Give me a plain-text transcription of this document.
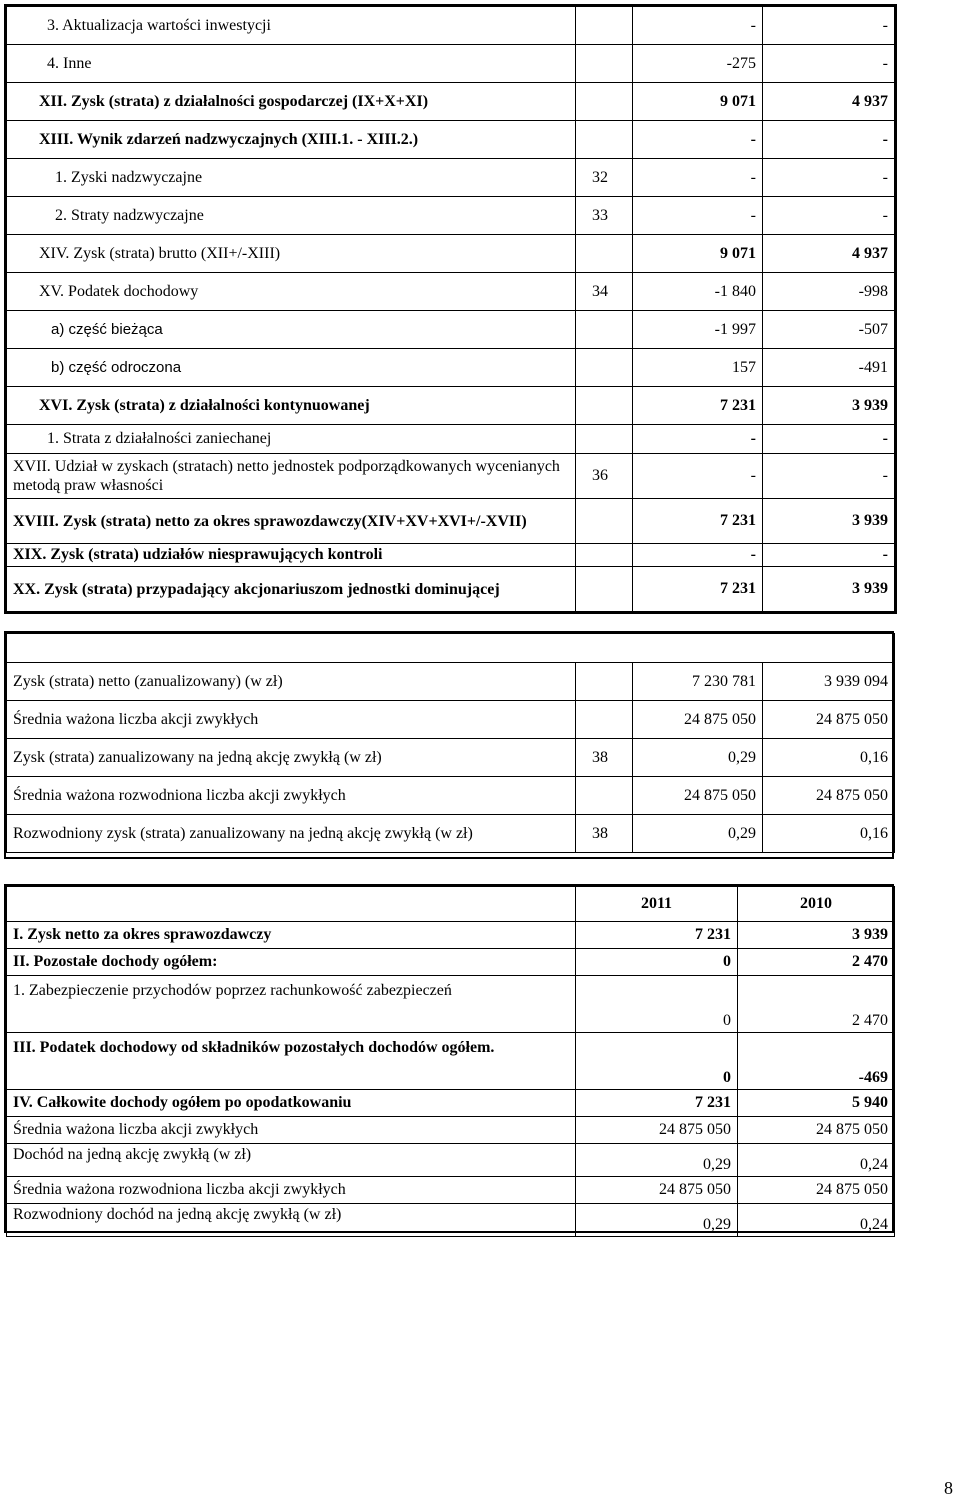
3. Aktualizacja wartości inwestycji		-	-
4. Inne		-275	-
XII. Zysk (strata) z działalności gospodarczej (IX+X+XI)		9 071	4 937
XIII. Wynik zdarzeń nadzwyczajnych (XIII.1. - XIII.2.)		-	-
1. Zyski nadzwyczajne	32	-	-
2. Straty nadzwyczajne	33	-	-
XIV. Zysk (strata) brutto (XII+/-XIII)		9 071	4 937
XV. Podatek dochodowy	34	-1 840	-998
a) część bieżąca		-1 997	-507
b) część odroczona		157	-491
XVI. Zysk (strata) z działalności kontynuowanej		7 231	3 939
1. Strata z działalności zaniechanej		-	-
XVII. Udział w zyskach (stratach) netto jednostek podporządkowanych wycenianych metodą praw własności	36	-	-
XVIII. Zysk (strata) netto za okres sprawozdawczy(XIV+XV+XVI+/-XVII)		7 231	3 939
XIX. Zysk (strata) udziałów niesprawujących kontroli		-	-
XX. Zysk (strata) przypadający akcjonariuszom jednostki dominującej		7 231	3 939

Zysk (strata) netto (zanualizowany) (w zł)		7 230 781	3 939 094
Średnia ważona liczba akcji zwykłych		24 875 050	24 875 050
Zysk (strata) zanualizowany na jedną akcję zwykłą (w zł)	38	0,29	0,16
Średnia ważona rozwodniona liczba akcji zwykłych		24 875 050	24 875 050
Rozwodniony zysk (strata) zanualizowany na jedną akcję zwykłą (w zł)	38	0,29	0,16
	2011	2010
I. Zysk netto za okres sprawozdawczy	7 231	3 939
II. Pozostałe dochody ogółem:	0	2 470
1. Zabezpieczenie przychodów poprzez rachunkowość zabezpieczeń	0	2 470
III. Podatek dochodowy od składników pozostałych dochodów ogółem.	0	-469
IV. Całkowite dochody ogółem po opodatkowaniu	7 231	5 940
Średnia ważona liczba akcji zwykłych	24 875 050	24 875 050
Dochód na jedną akcję zwykłą (w zł)	0,29	0,24
Średnia ważona rozwodniona liczba akcji zwykłych	24 875 050	24 875 050
Rozwodniony dochód na jedną akcję zwykłą (w zł)	0,29	0,24
8
